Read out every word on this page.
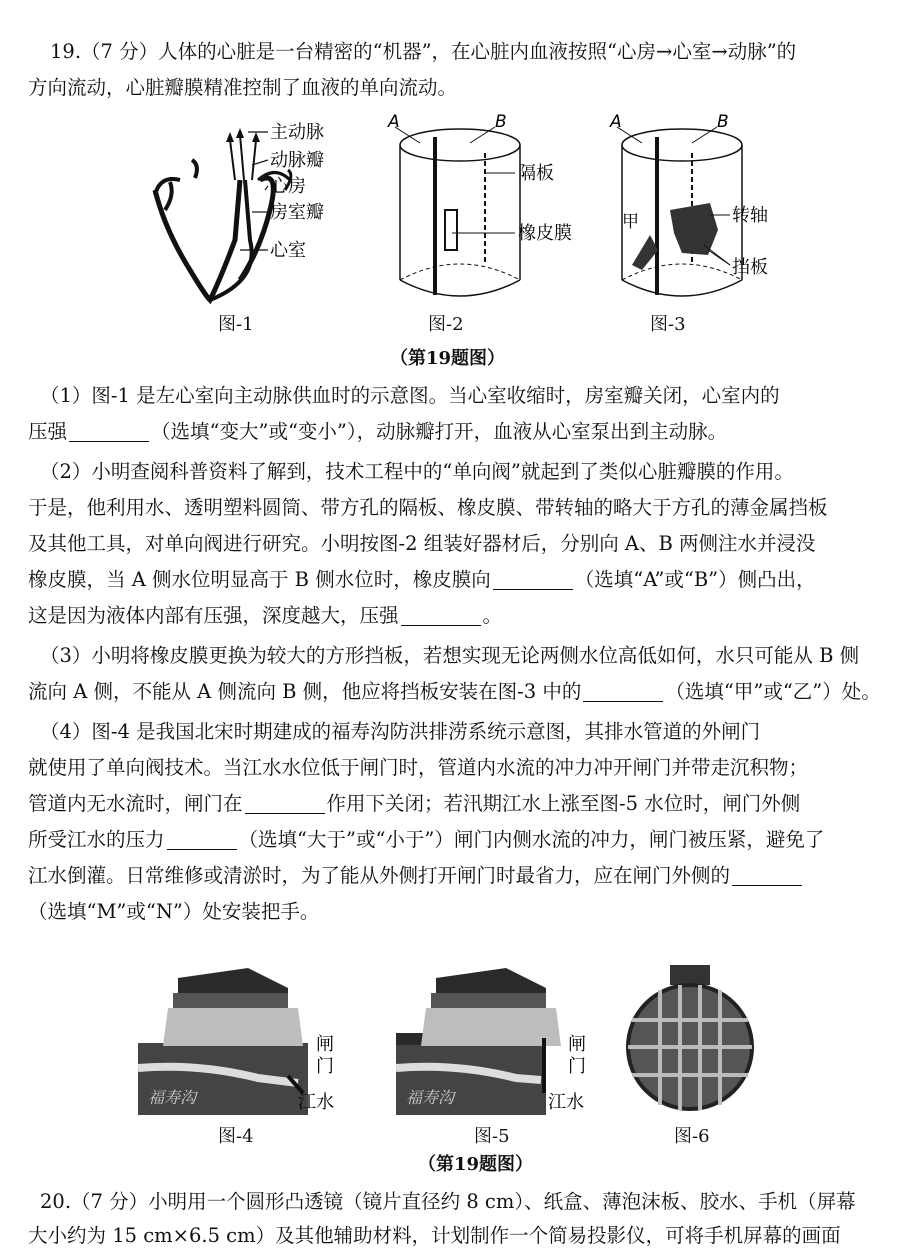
19.（7 分）人体的心脏是一台精密的“机器”，在心脏内血液按照“心房→心室→动脉”的
方向流动，心脏瓣膜精准控制了血液的单向流动。
主动脉
动脉瓣
心房
房室瓣
心室
图-1
A	B
隔板
橡皮膜
图-2
A	B
甲	转轴
挡板
图-3
（第19题图）
（1）图-1 是左心室向主动脉供血时的示意图。当心室收缩时，房室瓣关闭，心室内的
压强	（选填“变大”或“变小”），动脉瓣打开，血液从心室泵出到主动脉。
（2）小明查阅科普资料了解到，技术工程中的“单向阀”就起到了类似心脏瓣膜的作用。
于是，他利用水、透明塑料圆筒、带方孔的隔板、橡皮膜、带转轴的略大于方孔的薄金属挡板
及其他工具，对单向阀进行研究。小明按图-2 组装好器材后，分别向 A、B 两侧注水并浸没
橡皮膜，当 A 侧水位明显高于 B 侧水位时，橡皮膜向	（选填“A”或“B”）侧凸出，
这是因为液体内部有压强，深度越大，压强	。
（3）小明将橡皮膜更换为较大的方形挡板，若想实现无论两侧水位高低如何，水只可能从 B 侧
流向 A 侧，不能从 A 侧流向 B 侧，他应将挡板安装在图-3 中的	（选填“甲”或“乙”）处。
（4）图-4 是我国北宋时期建成的福寿沟防洪排涝系统示意图，其排水管道的外闸门
就使用了单向阀技术。当江水水位低于闸门时，管道内水流的冲力冲开闸门并带走沉积物；
管道内无水流时，闸门在	作用下关闭；若汛期江水上涨至图-5 水位时，闸门外侧
所受江水的压力	（选填“大于”或“小于”）闸门内侧水流的冲力，闸门被压紧，避免了
江水倒灌。日常维修或清淤时，为了能从外侧打开闸门时最省力，应在闸门外侧的
（选填“M”或“N”）处安装把手。
福寿沟
闸
门
江水
图-4
福寿沟
闸
门
江水
图-5	图-6
（第19题图）
20.（7 分）小明用一个圆形凸透镜（镜片直径约 8 cm）、纸盒、薄泡沫板、胶水、手机（屏幕
大小约为 15 cm×6.5 cm）及其他辅助材料，计划制作一个简易投影仪，可将手机屏幕的画面
